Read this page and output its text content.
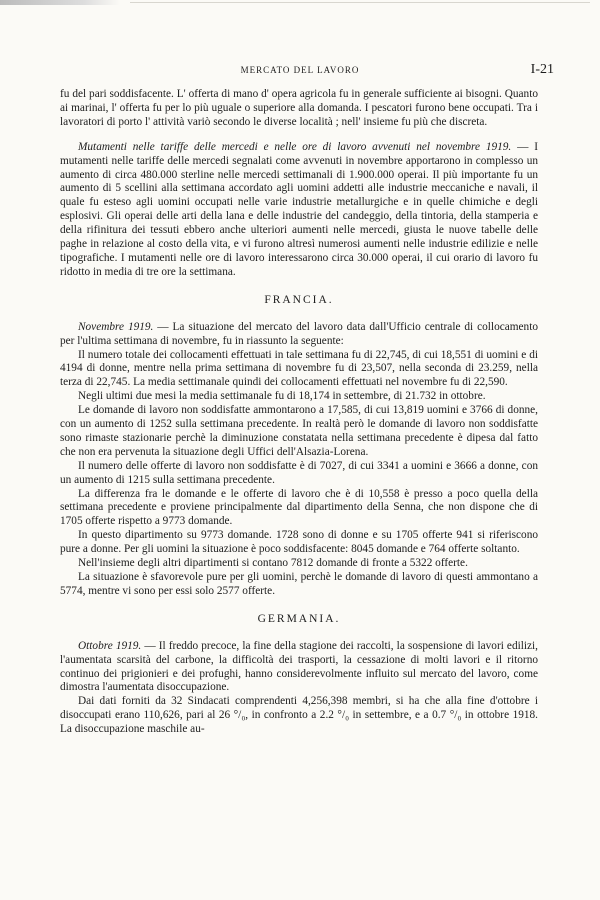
MERCATO DEL LAVORO	I-21

fu del pari soddisfacente. L' offerta di mano d' opera agricola fu in generale sufficiente ai bisogni. Quanto ai marinai, l' offerta fu per lo più uguale o superiore alla domanda. I pescatori furono bene occupati. Tra i lavoratori di porto l' attività variò secondo le diverse località ; nell' insieme fu più che discreta.

Mutamenti nelle tariffe delle mercedi e nelle ore di lavoro avvenuti nel novembre 1919. — I mutamenti nelle tariffe delle mercedi segnalati come avvenuti in novembre apportarono in complesso un aumento di circa 480.000 sterline nelle mercedi settimanali di 1.900.000 operai. Il più importante fu un aumento di 5 scellini alla settimana accordato agli uomini addetti alle industrie meccaniche e navali, il quale fu esteso agli uomini occupati nelle varie industrie metallurgiche e in quelle chimiche e degli esplosivi. Gli operai delle arti della lana e delle industrie del candeggio, della tintoria, della stamperia e della rifinitura dei tessuti ebbero anche ulteriori aumenti nelle mercedi, giusta le nuove tabelle delle paghe in relazione al costo della vita, e vi furono altresì numerosi aumenti nelle industrie edilizie e nelle tipografiche. I mutamenti nelle ore di lavoro interessarono circa 30.000 operai, il cui orario di lavoro fu ridotto in media di tre ore la settimana.

FRANCIA.

Novembre 1919. — La situazione del mercato del lavoro data dall'Ufficio centrale di collocamento per l'ultima settimana di novembre, fu in riassunto la seguente:

Il numero totale dei collocamenti effettuati in tale settimana fu di 22,745, di cui 18,551 di uomini e di 4194 di donne, mentre nella prima settimana di novembre fu di 23,507, nella seconda di 23.259, nella terza di 22,745. La media settimanale quindi dei collocamenti effettuati nel novembre fu di 22,590.

Negli ultimi due mesi la media settimanale fu di 18,174 in settembre, di 21.732 in ottobre.

Le domande di lavoro non soddisfatte ammontarono a 17,585, di cui 13,819 uomini e 3766 di donne, con un aumento di 1252 sulla settimana precedente. In realtà però le domande di lavoro non soddisfatte sono rimaste stazionarie perchè la diminuzione constatata nella settimana precedente è dipesa dal fatto che non era pervenuta la situazione degli Uffici dell'Alsazia-Lorena.

Il numero delle offerte di lavoro non soddisfatte è di 7027, di cui 3341 a uomini e 3666 a donne, con un aumento di 1215 sulla settimana precedente.

La differenza fra le domande e le offerte di lavoro che è di 10,558 è presso a poco quella della settimana precedente e proviene principalmente dal dipartimento della Senna, che non dispone che di 1705 offerte rispetto a 9773 domande.

In questo dipartimento su 9773 domande. 1728 sono di donne e su 1705 offerte 941 si riferiscono pure a donne. Per gli uomini la situazione è poco soddisfacente: 8045 domande e 764 offerte soltanto.

Nell'insieme degli altri dipartimenti si contano 7812 domande di fronte a 5322 offerte.

La situazione è sfavorevole pure per gli uomini, perchè le domande di lavoro di questi ammontano a 5774, mentre vi sono per essi solo 2577 offerte.

GERMANIA.

Ottobre 1919. — Il freddo precoce, la fine della stagione dei raccolti, la sospensione di lavori edilizi, l'aumentata scarsità del carbone, la difficoltà dei trasporti, la cessazione di molti lavori e il ritorno continuo dei prigionieri e dei profughi, hanno considerevolmente influito sul mercato del lavoro, come dimostra l'aumentata disoccupazione.

Dai dati forniti da 32 Sindacati comprendenti 4,256,398 membri, si ha che alla fine d'ottobre i disoccupati erano 110,626, pari al 26 °/₀, in confronto a 2.2 °/₀ in settembre, e a 0.7 °/₀ in ottobre 1918. La disoccupazione maschile au-
